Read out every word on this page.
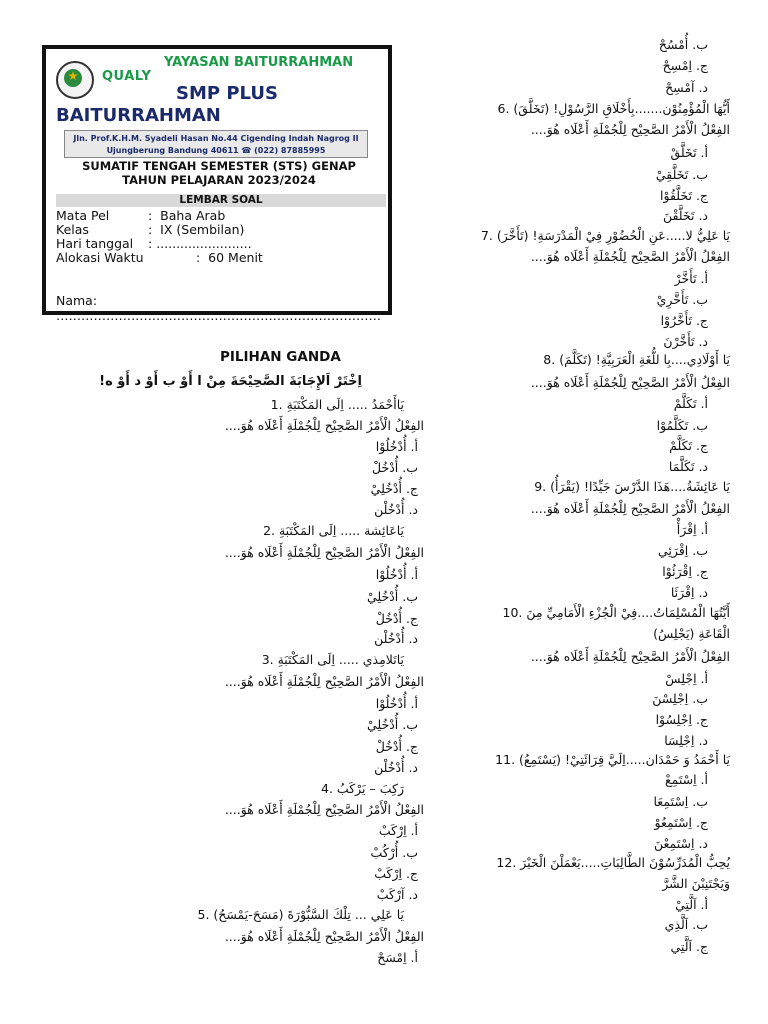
QUALY
YAYASAN BAITURRAHMAN
SMP PLUS
BAITURRAHMAN
Jln. Prof.K.H.M. Syadeli Hasan No.44 Cigending Indah Nagrog II
Ujungberung Bandung 40611 ☎ (022) 87885995
SUMATIF TENGAH SEMESTER (STS) GENAP
TAHUN PELAJARAN 2023/2024
LEMBAR SOAL
Mata Pel	: Baha Arab
Kelas	: IX (Sembilan)
Hari tanggal : ........................
Alokasi Waktu	: 60 Menit
Nama:
……………………………………………………………………
PILIHAN GANDA
اِخْتَرْ اَلإِجَابَةَ الصَّحِيْحَةَ مِنْ ا أَوْ ب أَوْ د أَوْ ه!
يَاأَحْمَدُ ..... اِلَى المَكْتَبَةِ .1
الفِعْلُ الْأَمْرُ الصَّحِيْح لِلْجُمْلَةِ أَعْلَاه هُوَ....
أ. أُدْخُلُوْا
ب. أُدْخُلْ
ج. أُدْخُلِيْ
د. أُدْخُلْن
يَاعَائِشة ..... اِلَى المَكْتَبَةِ .2
الفِعْلُ الْأَمْرُ الصَّحِيْح لِلْجُمْلَةِ أَعْلَاه هُوَ....
أ. أُدْخُلُوْا
ب. أُدْخُلِيْ
ج. أُدْخُلْ
د. أُدْخُلْن
يَاتَلامِذي ..... اِلَى المَكْتَبَةِ .3
الفِعْلُ الْأَمْرُ الصَّحِيْح لِلْجُمْلَةِ أَعْلَاه هُوَ....
أ. أُدْخُلُوْا
ب. أُدْخُلِيْ
ج. أُدْخُلْ
د. أُدْخُلْن
رَكِبَ – يَرْكَبُ .4
الفِعْلُ الْأَمْرُ الصَّحِيْح لِلْجُمْلَةِ أَعْلَاه هُوَ....
أ. اِرْكَبْ
ب. أُرْكُبْ
ج. اِرْكَبْ
د. آرْكَبْ
يَا عَلِي ... تِلْكَ السَّبُّوْرَةَ (مَسَحَ-يَمْسَحُ) .5
الفِعْلُ الْأَمْرُ الصَّحِيْح لِلْجُمْلَةِ أَعْلَاه هُوَ....
أ. اِمْسَحْ
ب. أُمْسُحْ
ج. اِمْسِحْ
د. آمْسِحْ
أَيُّهَا الْمُؤْمِنُوْن.......بِأَخْلَاقِ الرَّسُوْلِ! (تَخَلَّقَ) .6
الفِعْلُ الْأَمْرُ الصَّحِيْح لِلْجُمْلَةِ أَعْلَاه هُوَ....
أ. تَخَلَّقْ
ب. تَخَلَّقِيْ
ج. تَخَلَّقُوْا
د. تَخَلَّقْنَ
يَا عَلِيُّ لا.....عَنِ الْحُضُوْرِ فِيْ الْمَدْرَسَةِ! (تَأَخَّرَ) .7
الفِعْلُ الْأَمْرُ الصَّحِيْح لِلْجُمْلَةِ أَعْلَاه هُوَ....
أ. تَأَخَّرْ
ب. تَأَخَّرِيْ
ج. تَأَخَّرُوْا
د. تَأَخَّرْنَ
يَا أَوْلَادِي....بِا للُّغَةِ الْعَرَبِيَّةِ! (تَكَلَّمَ) .8
الفِعْلُ الْأَمْرُ الصَّحِيْح لِلْجُمْلَةِ أَعْلَاه هُوَ....
أ. تَكَلَّمْ
ب. تَكَلَّمُوْا
ج. تَكَلَّمْ
د. تَكَلَّمَا
يَا عَائِشَةُ....هَذَا الدَّرْسَ جَيِّدًا! (يَقْرَأُ) .9
الفِعْلُ الْأَمْرُ الصَّحِيْح لِلْجُمْلَةِ أَعْلَاه هُوَ....
أ. اِقْرَأْ
ب. اِقْرَئِي
ج. اِقْرَئُوْا
د. اِقْرَئَا
أَيَّتُهَا الْمُسْلِمَاتُ....فِيْ الْجُزْءِ الْأَمَامِيِّ مِنَ .10
الْقَاعَةِ (يَجْلِسُ)
الفِعْلُ الْأَمْرُ الصَّحِيْح لِلْجُمْلَةِ أَعْلَاه هُوَ....
أ. اِجْلِسْ
ب. اِجْلِسْنَ
ج. اِجْلِسُوْا
د. اِجْلِسَا
يَا أَحْمَدُ وَ حَمْدَان.....اِلَيَّ قِرَائَتِيْ! (يَسْتَمِعُ) .11
أ. اِسْتَمِعْ
ب. اِسْتَمِعَا
ج. اِسْتَمِعُوْ
د. اِسْتَمِعْنَ
يُحِبُّ الْمُدَرِّسُوْنَ الطَّالِبَاتِ.....يَعْمَلْنَ الْخَيْرَ .12
وَيَجْتَنِبْنَ الشَّرَّ
أ. اَلَّتِيْ
ب. اَلَّذِي
ج. اَلَّتِي
